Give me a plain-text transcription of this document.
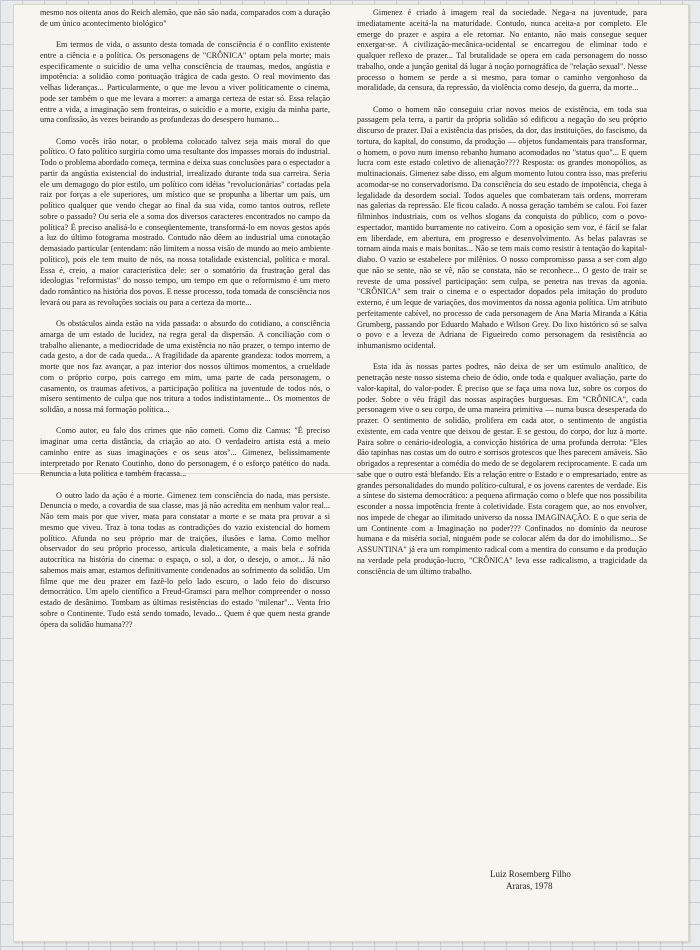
mesmo nos oitenta anos do Reich alemão, que não são nada, comparados com a duração de um único acontecimento biológico"

Em termos de vida, o assunto desta tomada de consciência é o conflito existente entre a ciência e a política. Os personagens de "CRÔNICA" optam pela morte; mais especificamente o suicídio de uma velha consciência de traumas, medos, angústia e impotência: a solidão como pontuação trágica de cada gesto. O real movimento das velhas lideranças... Particularmente, o que me levou a viver politicamente o cinema, pode ser também o que me levara a morrer: a amarga certeza de estar só. Essa relação entre a vida, a imaginação sem fronteiras, o suicídio e a morte, exigiu da minha parte, uma confissão, às vezes beirando as profundezas do desespero humano...

Como vocês irão notar, o problema colocado talvez seja mais moral do que político. O fato político surgiria como uma resultante dos impasses morais do industrial. Todo o problema abordado começa, termina e deixa suas conclusões para o espectador a partir da angústia existencial do industrial, irrealizado durante toda sua carreira. Seria ele um demagogo do pior estilo, um político com idéias "revolucionárias" cortadas pela raiz por forças a ele superiores, um místico que se propunha a libertar um país, um político qualquer que vendo chegar ao final da sua vida, como tantos outros, reflete sobre o passado? Ou seria ele a soma dos diversos caracteres encontrados no campo da política? É preciso analisá-lo e conseqüentemente, transformá-lo em novos gestos após a luz do último fotograma mostrado. Contudo não dêem ao industrial uma conotação demasiado particular (entendam: não limitem a nossa visão de mundo ao meio ambiente político), pois ele tem muito de nós, na nossa totalidade existencial, política e moral. Essa é, creio, a maior característica dele: ser o somatório da frustração geral das ideologias "reformistas" do nosso tempo, um tempo em que o reformismo é um mero dado romântico na história dos povos. E nesse processo, toda tomada de consciência nos levará ou para as revoluções sociais ou para a certeza da morte...

Os obstáculos ainda estão na vida passada: o absurdo do cotidiano, a consciência amarga de um estado de lucidez, na regra geral da dispersão. A conciliação com o trabalho alienante, a mediocridade de uma existência no não prazer, o tempo interno de cada gesto, a dor de cada queda... A fragilidade da aparente grandeza: todos morrem, a morte que nos faz avançar, a paz interior dos nossos últimos momentos, a crueldade com o próprio corpo, pois carrego em mim, uma parte de cada personagem, o casamento, os traumas afetivos, a participação política na juventude de todos nós, o mísero sentimento de culpa que nos tritura a todos indistintamente... Os momentos de solidão, a nossa má formação política...

Como autor, eu falo dos crimes que não cometi. Como diz Camus: "É preciso imaginar uma certa distância, da criação ao ato. O verdadeiro artista está a meio caminho entre as suas imaginações e os seus atos"... Gimenez, belissimamente interpretado por Renato Coutinho, dono do personagem, é o esforço patético do nada. Renuncia a luta política e também fracassa...

O outro lado da ação é a morte. Gimenez tem consciência do nada, mas persiste. Denuncia o medo, a covardia de sua classe, mas já não acredita em nenhum valor real... Não tem mais por que viver, mata para constatar a morte e se mata pra provar a si mesmo que viveu. Traz à tona todas as contradições do vazio existencial do homem político. Afunda no seu próprio mar de traições, ilusões e lama. Como melhor observador do seu próprio processo, articula dialeticamente, a mais bela e sofrida autocrítica na história do cinema: o espaço, o sol, a dor, o desejo, o amor... Já não sabemos mais amar, estamos definitivamente condenados ao sofrimento da solidão. Um filme que me deu prazer em fazê-lo pelo lado escuro, o lado feio do discurso democrático. Um apelo científico a Freud-Gramsci para melhor compreender o nosso estado de desânimo. Tombam as últimas resistências do estado "milenar"... Venta frio sobre o Continente. Tudo está sendo tomado, levado... Quem é que quem nesta grande ópera da solidão humana???

Gimenez é criado à imagem real da sociedade. Nega-a na juventude, para imediatamente aceitá-la na maturidade. Contudo, nunca aceita-a por completo. Ele emerge do prazer e aspira a ele retornar. No entanto, não mais consegue sequer enxergar-se. A civilização-mecânica-ocidental se encarregou de eliminar todo e qualquer reflexo de prazer... Tal brutalidade se opera em cada personagem do nosso trabalho, onde a junção genital dá lugar à noção pornográfica de "relação sexual". Nesse processo o homem se perde a si mesmo, para tomar o caminho vergonhoso da moralidade, da censura, da repressão, da violência como desejo, da guerra, da morte...

Como o homem não conseguiu criar novos meios de existência, em toda sua passagem pela terra, a partir da própria solidão só edificou a negação do seu próprio discurso de prazer. Daí a existência das prisões, da dor, das instituições, do fascismo, da tortura, do kapital, do consumo, da produção — objetos fundamentais para transformar, o homem, o povo num imenso rebanho humano acomodados no "status quo"... E quem lucra com este estado coletivo de alienação???? Resposta: os grandes monopólios, as multinacionais. Gimenez sabe disso, em algum momento lutou contra isso, mas preferiu acomodar-se no conservadorismo. Da consciência do seu estado de impotência, chega à legalidade da desordem social. Todos aqueles que combateram tais ordens, morreram nas galerias da repressão. Ele ficou calado. A nossa geração também se calou. Foi fazer filminhos industriais, com os velhos slogans da conquista do público, com o povo-espectador, mantido burramente no cativeiro. Com a oposição sem voz, é fácil se falar em liberdade, em abertura, em progresso e desenvolvimento. As belas palavras se tornam ainda mais e mais bonitas... Não se tem mais como resistir à tentação do kapital-diabo. O vazio se estabelece por milênios. O nosso compromisso passa a ser com algo que não se sente, não se vê, não se constata, não se reconhece... O gesto de trair se reveste de uma possível participação: sem culpa, se penetra nas trevas da agonia. "CRÔNICA" sem trair o cinema e o espectador dopados pela imitação do produto externo, é um leque de variações, dos movimentos da nossa agonia política. Um atributo perfeitamente cabível, no processo de cada personagem de Ana Maria Miranda a Kátia Grumberg, passando por Eduardo Mahado e Wilson Grey. Do lixo histórico só se salva o povo e a leveza de Adriana de Figueiredo como personagem da resistência ao inhumanismo ocidental.

Esta ida às nossas partes podres, não deixa de ser um estímulo analítico, de penetração neste nosso sistema cheio de ódio, onde toda e qualquer avaliação, parte do valor-kapital, do valor-poder. É preciso que se faça uma nova luz, sobre os corpos do poder. Sobre o véu frágil das nossas aspirações burguesas. Em "CRÔNICA", cada personagem vive o seu corpo, de uma maneira primitiva — numa busca desesperada do prazer. O sentimento de solidão, prolifera em cada ator, o sentimento de angústia existente, em cada ventre que deixou de gestar. E se gestou, do corpo, dor luz à morte. Paira sobre o cenário-ideologia, a convicção histórica de uma profunda derrota: "Eles dão tapinhas nas costas um do outro e sorrisos grotescos que lhes parecem amáveis. São obrigados a representar a comédia do medo de se degolarem reciprocamente. E cada um sabe que o outro está blefando. Eis a relação entre o Estado e o empresariado, entre as grandes personalidades do mundo político-cultural, e os jovens carentes de verdade. Eis a síntese do sistema democrático: a pequena afirmação como o blefe que nos possibilita esconder a nossa impotência frente à coletividade. Esta coragem que, ao nos envolver, nos impede de chegar ao ilimitado universo da nossa IMAGINAÇÃO. E o que seria de um Continente com a Imaginação no poder??? Confinados no domínio da neurose humana e da miséria social, ninguém pode se colocar além da dor do imobilismo... Se ASSUNTINA" já era um rompimento radical com a mentira do consumo e da produção na verdade pela produção-lucro, "CRÔNICA" leva esse radicalismo, a tragicidade da consciência de um último trabalho.

Luiz Rosemberg Filho
Araras, 1978
